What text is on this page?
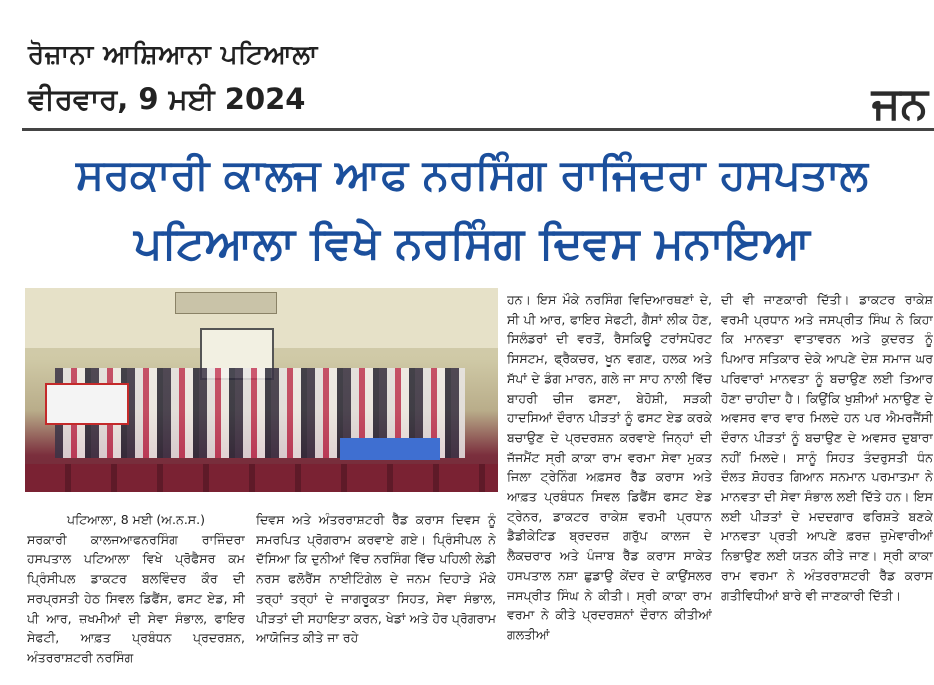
ਰੋਜ਼ਾਨਾ ਆਸ਼ਿਆਨਾ ਪਟਿਆਲਾ
ਵੀਰਵਾਰ, 9 ਮਈ 2024	ਜਨ
ਸਰਕਾਰੀ ਕਾਲਜ ਆਫ ਨਰਸਿੰਗ ਰਾਜਿੰਦਰਾ ਹਸਪਤਾਲ
ਪਟਿਆਲਾ ਵਿਖੇ ਨਰਸਿੰਗ ਦਿਵਸ ਮਨਾਇਆ
ਪਟਿਆਲਾ, 8 ਮਈ (ਅ.ਨ.ਸ.)
ਸਰਕਾਰੀ ਕਾਲਜਆਫਨਰਸਿੰਗ ਰਾਜਿੰਦਰਾ ਹਸਪਤਾਲ ਪਟਿਆਲਾ ਵਿਖੇ ਪ੍ਰੋਫੈਸਰ ਕਮ ਪ੍ਰਿੰਸੀਪਲ ਡਾਕਟਰ ਬਲਵਿੰਦਰ ਕੌਰ ਦੀ ਸਰਪ੍ਰਸਤੀ ਹੇਠ ਸਿਵਲ ਡਿਫੈਂਸ, ਫਸਟ ਏਡ, ਸੀ ਪੀ ਆਰ, ਜ਼ਖਮੀਆਂ ਦੀ ਸੇਵਾ ਸੰਭਾਲ, ਫਾਇਰ ਸੇਫਟੀ, ਆਫ਼ਤ ਪ੍ਰਬੰਧਨ ਪ੍ਰਦਰਸ਼ਨ, ਅੰਤਰਰਾਸ਼ਟਰੀ ਨਰਸਿੰਗ
ਦਿਵਸ ਅਤੇ ਅੰਤਰਰਾਸ਼ਟਰੀ ਰੈੱਡ ਕਰਾਸ ਦਿਵਸ ਨੂੰ ਸਮਰਪਿਤ ਪ੍ਰੋਗਰਾਮ ਕਰਵਾਏ ਗਏ। ਪ੍ਰਿੰਸੀਪਲ ਨੇ ਦੱਸਿਆ ਕਿ ਦੁਨੀਆਂ ਵਿੱਚ ਨਰਸਿੰਗ ਵਿੱਚ ਪਹਿਲੀ ਲੇਡੀ ਨਰਸ ਫਲੋਰੈਂਸ ਨਾਈਟਿੰਗੇਲ ਦੇ ਜਨਮ ਦਿਹਾੜੇ ਮੌਕੇ ਤਰ੍ਹਾਂ ਤਰ੍ਹਾਂ ਦੇ ਜਾਗਰੂਕਤਾ ਸਿਹਤ, ਸੇਵਾ ਸੰਭਾਲ, ਪੀੜਤਾਂ ਦੀ ਸਹਾਇਤਾ ਕਰਨ, ਖੇਡਾਂ ਅਤੇ ਹੋਰ ਪ੍ਰੋਗਰਾਮ ਆਯੋਜਿਤ ਕੀਤੇ ਜਾ ਰਹੇ
ਹਨ। ਇਸ ਮੌਕੇ ਨਰਸਿੰਗ ਵਿਦਿਆਰਥਣਾਂ ਦੇ, ਸੀ ਪੀ ਆਰ, ਫਾਇਰ ਸੇਫਟੀ, ਗੈਸਾਂ ਲੀਕ ਹੋਣ, ਸਿਲੰਡਰਾਂ ਦੀ ਵਰਤੋਂ, ਰੈਸਕਿਊ ਟਰਾਂਸਪੋਰਟ ਸਿਸਟਮ, ਫ੍ਰੈਕਚਰ, ਖੂਨ ਵਗਣ, ਹਲਕ ਅਤੇ ਸੱਪਾਂ ਦੇ ਡੰਗ ਮਾਰਨ, ਗਲੇ ਜਾ ਸਾਹ ਨਾਲੀ ਵਿੱਚ ਬਾਹਰੀ ਚੀਜ ਫਸਣਾ, ਬੇਹੋਸ਼ੀ, ਸੜਕੀ ਹਾਦਸਿਆਂ ਦੌਰਾਨ ਪੀੜਤਾਂ ਨੂੰ ਫਸਟ ਏਡ ਕਰਕੇ ਬਚਾਉਣ ਦੇ ਪ੍ਰਦਰਸ਼ਨ ਕਰਵਾਏ ਜਿਨ੍ਹਾਂ ਦੀ ਜੱਜਮੈਂਟ ਸ੍ਰੀ ਕਾਕਾ ਰਾਮ ਵਰਮਾ ਸੇਵਾ ਮੁਕਤ ਜਿਲਾ ਟ੍ਰੇਨਿੰਗ ਅਫ਼ਸਰ ਰੈੱਡ ਕਰਾਸ ਅਤੇ ਆਫ਼ਤ ਪ੍ਰਬੰਧਨ ਸਿਵਲ ਡਿਫੈਂਸ ਫਸਟ ਏਡ ਟ੍ਰੇਨਰ, ਡਾਕਟਰ ਰਾਕੇਸ਼ ਵਰਮੀ ਪ੍ਰਧਾਨ ਡੈਡੀਕੇਟਿਡ ਬ੍ਰਦਰਜ਼ ਗਰੁੱਪ ਕਾਲਜ ਦੇ ਲੈਕਚਰਾਰ ਅਤੇ ਪੰਜਾਬ ਰੈੱਡ ਕਰਾਸ ਸਾਕੇਤ ਹਸਪਤਾਲ ਨਸ਼ਾ ਛੁਡਾਉ ਕੇਂਦਰ ਦੇ ਕਾਉਂਸਲਰ ਜਸਪ੍ਰੀਤ ਸਿੰਘ ਨੇ ਕੀਤੀ। ਸ੍ਰੀ ਕਾਕਾ ਰਾਮ ਵਰਮਾ ਨੇ ਕੀਤੇ ਪ੍ਰਦਰਸ਼ਨਾਂ ਦੌਰਾਨ ਕੀਤੀਆਂ ਗਲਤੀਆਂ
ਦੀ ਵੀ ਜਾਣਕਾਰੀ ਦਿੱਤੀ। ਡਾਕਟਰ ਰਾਕੇਸ਼ ਵਰਮੀ ਪ੍ਰਧਾਨ ਅਤੇ ਜਸਪ੍ਰੀਤ ਸਿੰਘ ਨੇ ਕਿਹਾ ਕਿ ਮਾਨਵਤਾ ਵਾਤਾਵਰਨ ਅਤੇ ਕੁਦਰਤ ਨੂੰ ਪਿਆਰ ਸਤਿਕਾਰ ਦੇਕੇ ਆਪਣੇ ਦੇਸ਼ ਸਮਾਜ ਘਰ ਪਰਿਵਾਰਾਂ ਮਾਨਵਤਾ ਨੂੰ ਬਚਾਉਣ ਲਈ ਤਿਆਰ ਹੋਣਾ ਚਾਹੀਦਾ ਹੈ। ਕਿਉਂਕਿ ਖੁਸ਼ੀਆਂ ਮਨਾਉਣ ਦੇ ਅਵਸਰ ਵਾਰ ਵਾਰ ਮਿਲਦੇ ਹਨ ਪਰ ਐਮਰਜੈਂਸੀ ਦੌਰਾਨ ਪੀੜਤਾਂ ਨੂੰ ਬਚਾਉਣ ਦੇ ਅਵਸਰ ਦੁਬਾਰਾ ਨਹੀਂ ਮਿਲਦੇ। ਸਾਨੂੰ ਸਿਹਤ ਤੰਦਰੁਸਤੀ ਧੰਨ ਦੌਲਤ ਸ਼ੋਹਰਤ ਗਿਆਨ ਸਨਮਾਨ ਪਰਮਾਤਮਾ ਨੇ ਮਾਨਵਤਾ ਦੀ ਸੇਵਾ ਸੰਭਾਲ ਲਈ ਦਿੱਤੇ ਹਨ। ਇਸ ਲਈ ਪੀੜਤਾਂ ਦੇ ਮਦਦਗਾਰ ਫਰਿਸ਼ਤੇ ਬਣਕੇ ਮਾਨਵਤਾ ਪ੍ਰਤੀ ਆਪਣੇ ਫ਼ਰਜ਼ ਜ਼ੁਮੇਵਾਰੀਆਂ ਨਿਭਾਉਣ ਲਈ ਯਤਨ ਕੀਤੇ ਜਾਣ। ਸ੍ਰੀ ਕਾਕਾ ਰਾਮ ਵਰਮਾ ਨੇ ਅੰਤਰਰਾਸ਼ਟਰੀ ਰੈੱਡ ਕਰਾਸ ਗਤੀਵਿਧੀਆਂ ਬਾਰੇ ਵੀ ਜਾਣਕਾਰੀ ਦਿੱਤੀ।
